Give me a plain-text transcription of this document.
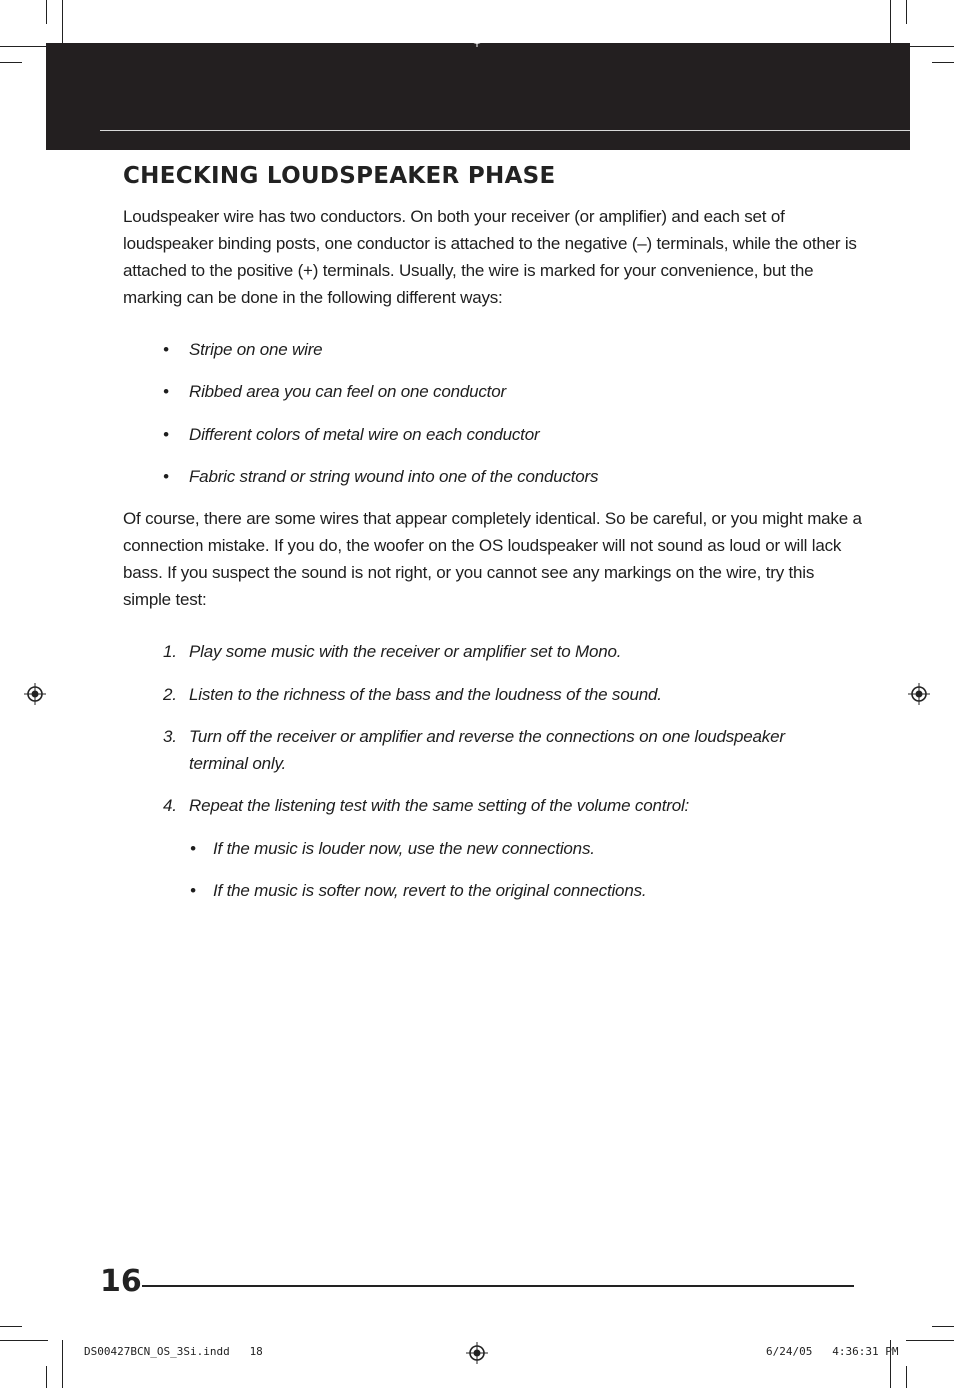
CHECKING LOUDSPEAKER PHASE

Loudspeaker wire has two conductors. On both your receiver (or amplifier) and each set of loudspeaker binding posts, one conductor is attached to the negative (–) terminals, while the other is attached to the positive (+) terminals. Usually, the wire is marked for your convenience, but the marking can be done in the following different ways:

• Stripe on one wire
• Ribbed area you can feel on one conductor
• Different colors of metal wire on each conductor
• Fabric strand or string wound into one of the conductors

Of course, there are some wires that appear completely identical. So be careful, or you might make a connection mistake. If you do, the woofer on the OS loudspeaker will not sound as loud or will lack bass. If you suspect the sound is not right, or you cannot see any markings on the wire, try this simple test:

1. Play some music with the receiver or amplifier set to Mono.
2. Listen to the richness of the bass and the loudness of the sound.
3. Turn off the receiver or amplifier and reverse the connections on one loudspeaker
terminal only.
4. Repeat the listening test with the same setting of the volume control:
• If the music is louder now, use the new connections.
• If the music is softer now, revert to the original connections.
16
DS00427BCN_OS_3Si.indd   18	6/24/05   4:36:31 PM
